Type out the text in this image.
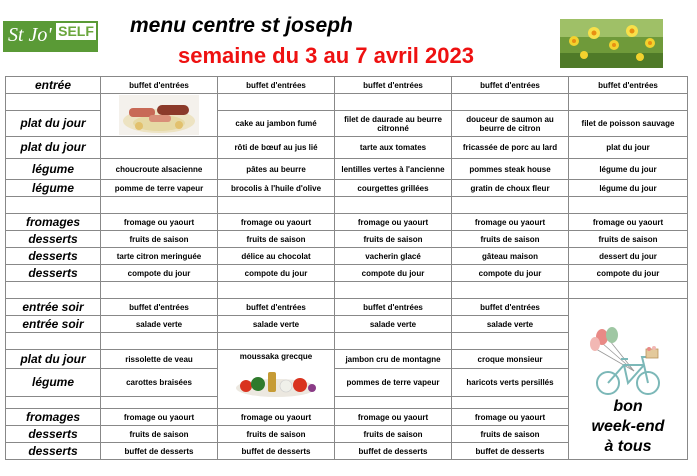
St Jo' SELF menu centre st joseph
semaine du 3 au 7 avril 2023
entrée	buffet d'entrées	buffet d'entrées	buffet d'entrées	buffet d'entrées	buffet d'entrées

plat du jour		cake au jambon fumé	filet de daurade au beurre citronné	douceur de saumon au beurre de citron	filet de poisson sauvage
plat du jour		rôti de bœuf au jus lié	tarte aux tomates	fricassée de porc au lard	plat du jour
légume	choucroute alsacienne	pâtes au beurre	lentilles vertes à l'ancienne	pommes steak house	légume du jour
légume	pomme de terre vapeur	brocolis à l'huile d'olive	courgettes grillées	gratin de choux fleur	légume du jour

fromages	fromage ou yaourt	fromage ou yaourt	fromage ou yaourt	fromage ou yaourt	fromage ou yaourt
desserts	fruits de saison	fruits de saison	fruits de saison	fruits de saison	fruits de saison
desserts	tarte citron meringuée	délice au chocolat	vacherin glacé	gâteau maison	dessert du jour
desserts	compote du jour	compote du jour	compote du jour	compote du jour	compote du jour

entrée soir	buffet d'entrées	buffet d'entrées	buffet d'entrées	buffet d'entrées	bon
week-end
à tous

entrée soir	salade verte	salade verte	salade verte	salade verte	

plat du jour	rissolette de veau	moussaka grecque	jambon cru de montagne	croque monsieur	
légume	carottes braisées		pommes de terre vapeur	haricots verts persillés	

fromages	fromage ou yaourt	fromage ou yaourt	fromage ou yaourt	fromage ou yaourt	
desserts	fruits de saison	fruits de saison	fruits de saison	fruits de saison	
desserts	buffet de desserts	buffet de desserts	buffet de desserts	buffet de desserts	
